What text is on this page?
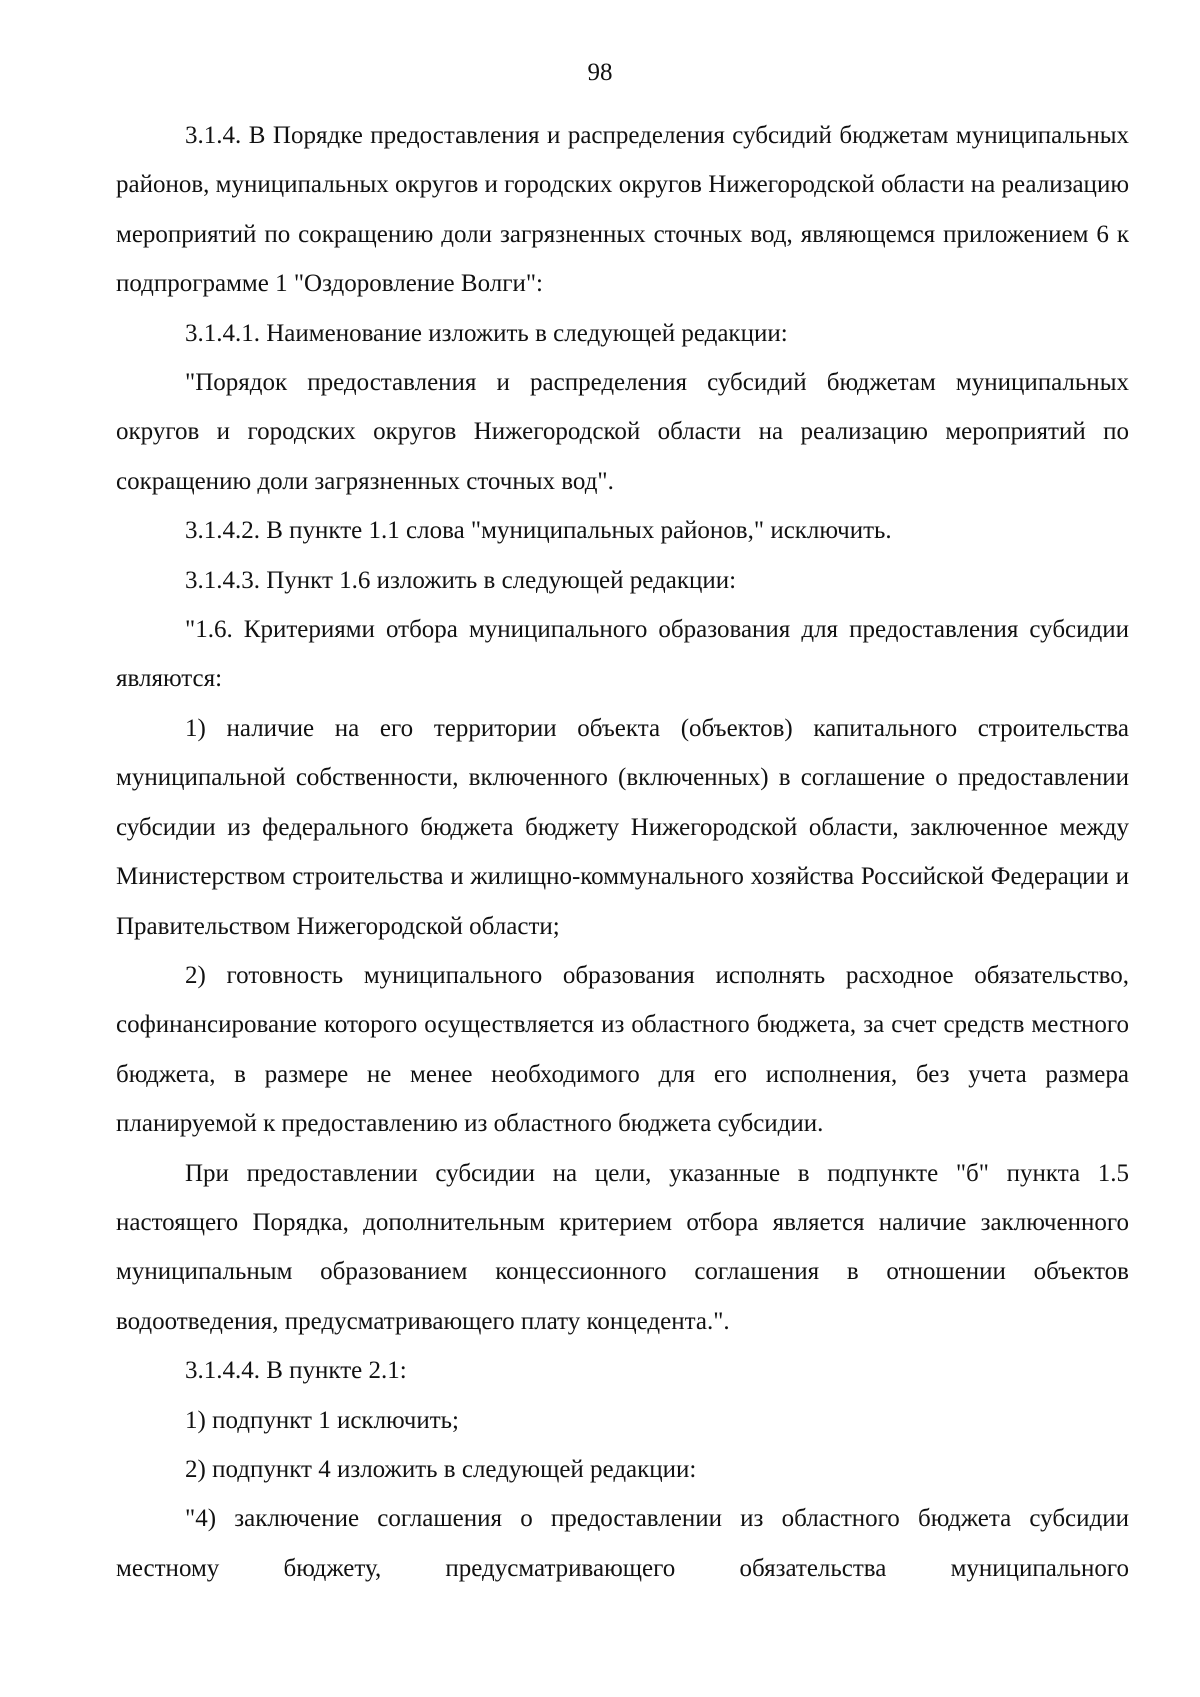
98

3.1.4. В Порядке предоставления и распределения субсидий бюджетам муниципальных районов, муниципальных округов и городских округов Нижегородской области на реализацию мероприятий по сокращению доли загрязненных сточных вод, являющемся приложением 6 к подпрограмме 1 "Оздоровление Волги":

3.1.4.1. Наименование изложить в следующей редакции:

"Порядок предоставления и распределения субсидий бюджетам муниципальных округов и городских округов Нижегородской области на реализацию мероприятий по сокращению доли загрязненных сточных вод".

3.1.4.2. В пункте 1.1 слова "муниципальных районов," исключить.

3.1.4.3. Пункт 1.6 изложить в следующей редакции:

"1.6. Критериями отбора муниципального образования для предоставления субсидии являются:

1) наличие на его территории объекта (объектов) капитального строительства муниципальной собственности, включенного (включенных) в соглашение о предоставлении субсидии из федерального бюджета бюджету Нижегородской области, заключенное между Министерством строительства и жилищно-коммунального хозяйства Российской Федерации и Правительством Нижегородской области;

2) готовность муниципального образования исполнять расходное обязательство, софинансирование которого осуществляется из областного бюджета, за счет средств местного бюджета, в размере не менее необходимого для его исполнения, без учета размера планируемой к предоставлению из областного бюджета субсидии.

При предоставлении субсидии на цели, указанные в подпункте "б" пункта 1.5 настоящего Порядка, дополнительным критерием отбора является наличие заключенного муниципальным образованием концессионного соглашения в отношении объектов водоотведения, предусматривающего плату концедента.".

3.1.4.4. В пункте 2.1:

1) подпункт 1 исключить;

2) подпункт 4 изложить в следующей редакции:

"4) заключение соглашения о предоставлении из областного бюджета субсидии местному бюджету, предусматривающего обязательства муниципального
